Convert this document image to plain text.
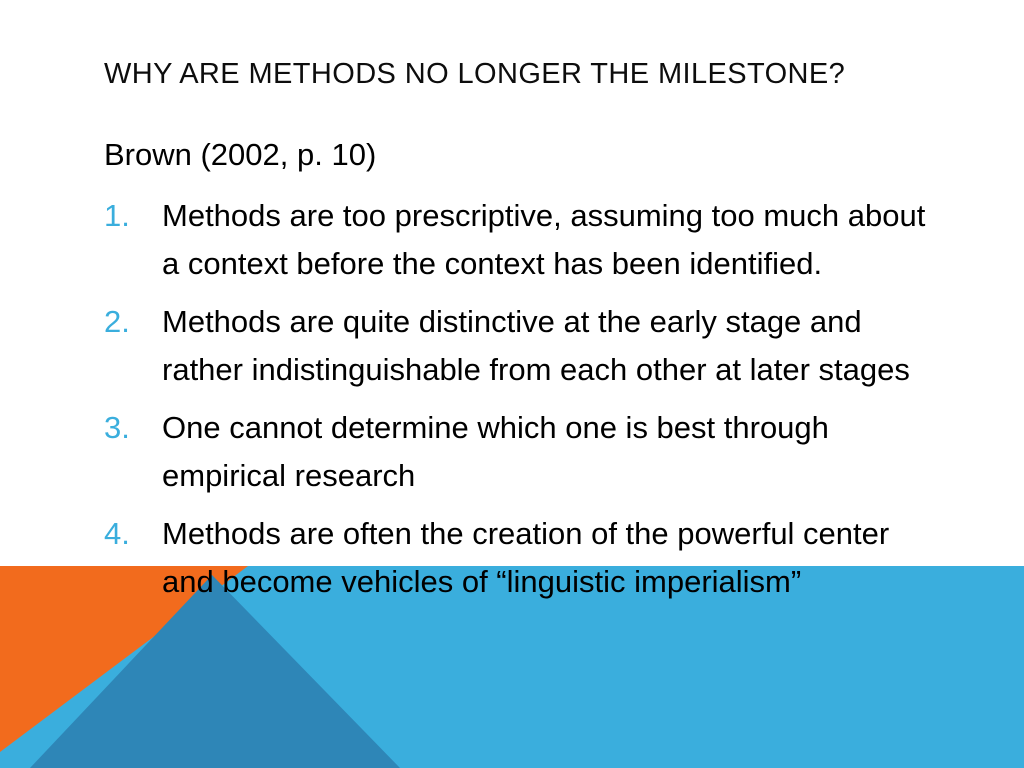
WHY ARE METHODS NO LONGER THE MILESTONE?

Brown (2002, p. 10)

1. Methods are too prescriptive, assuming too much about a context before the context has been identified.
2. Methods are quite distinctive at the early stage and rather indistinguishable from each other at later stages
3. One cannot determine which one is best through empirical research
4. Methods are often the creation of the powerful center and become vehicles of “linguistic imperialism”
